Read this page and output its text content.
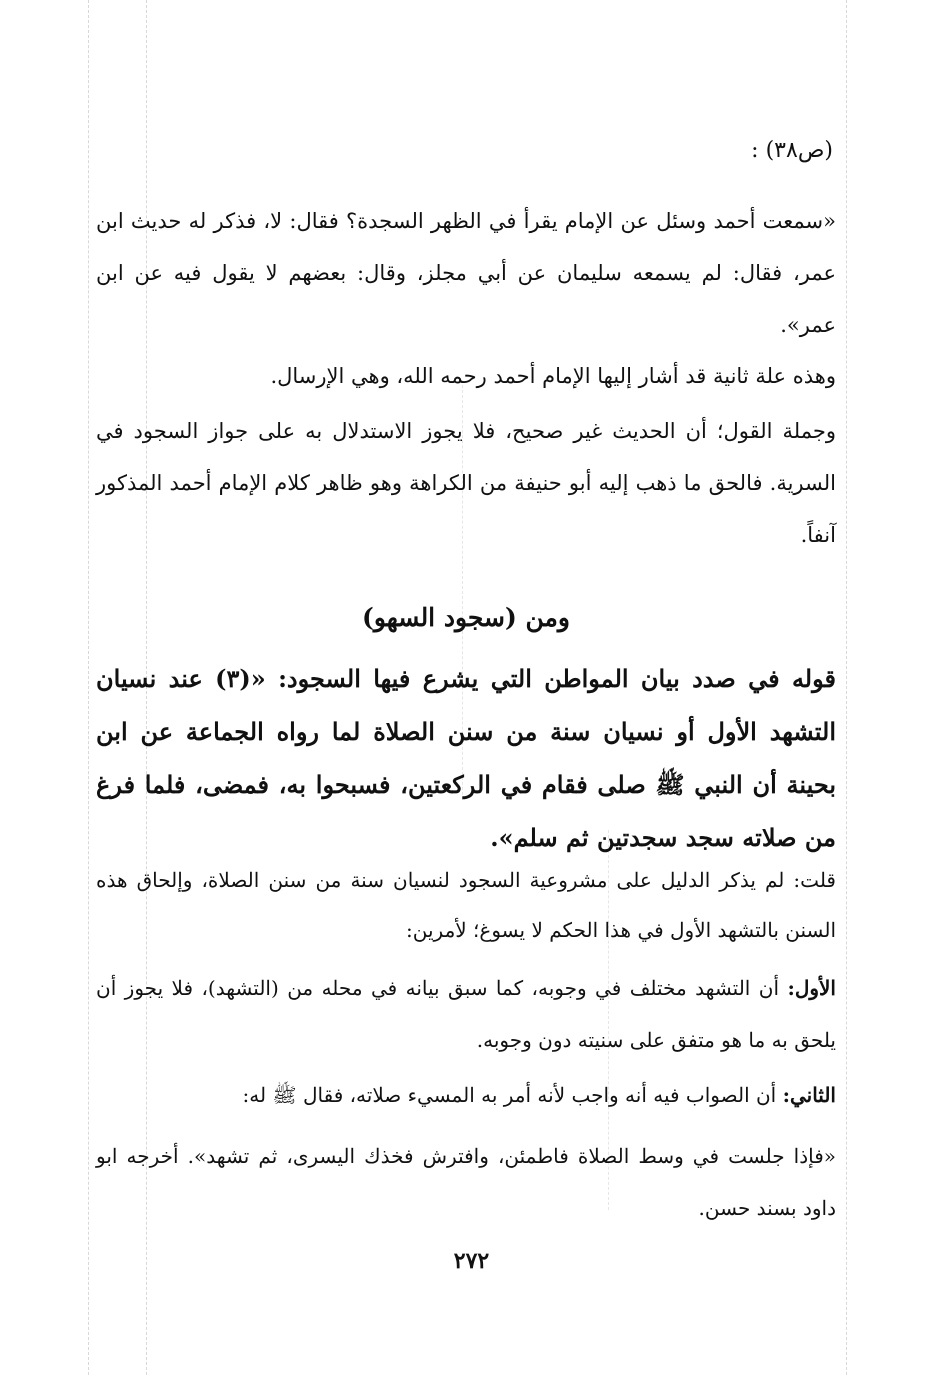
(ص٣٨) :

«سمعت أحمد وسئل عن الإمام يقرأ في الظهر السجدة؟ فقال: لا، فذكر له حديث ابن عمر، فقال: لم يسمعه سليمان عن أبي مجلز، وقال: بعضهم لا يقول فيه عن ابن عمر».

وهذه علة ثانية قد أشار إليها الإمام أحمد رحمه الله، وهي الإرسال.

وجملة القول؛ أن الحديث غير صحيح، فلا يجوز الاستدلال به على جواز السجود في السرية. فالحق ما ذهب إليه أبو حنيفة من الكراهة وهو ظاهر كلام الإمام أحمد المذكور آنفاً.

ومن (سجود السهو)

قوله في صدد بيان المواطن التي يشرع فيها السجود: «(٣) عند نسيان التشهد الأول أو نسيان سنة من سنن الصلاة لما رواه الجماعة عن ابن بحينة أن النبي ﷺ صلى فقام في الركعتين، فسبحوا به، فمضى، فلما فرغ من صلاته سجد سجدتين ثم سلم».

قلت: لم يذكر الدليل على مشروعية السجود لنسيان سنة من سنن الصلاة، وإلحاق هذه السنن بالتشهد الأول في هذا الحكم لا يسوغ؛ لأمرين:

الأول: أن التشهد مختلف في وجوبه، كما سبق بيانه في محله من (التشهد)، فلا يجوز أن يلحق به ما هو متفق على سنيته دون وجوبه.

الثاني: أن الصواب فيه أنه واجب لأنه أمر به المسيء صلاته، فقال ﷺ له:

«فإذا جلست في وسط الصلاة فاطمئن، وافترش فخذك اليسرى، ثم تشهد». أخرجه ابو داود بسند حسن.

٢٧٢
